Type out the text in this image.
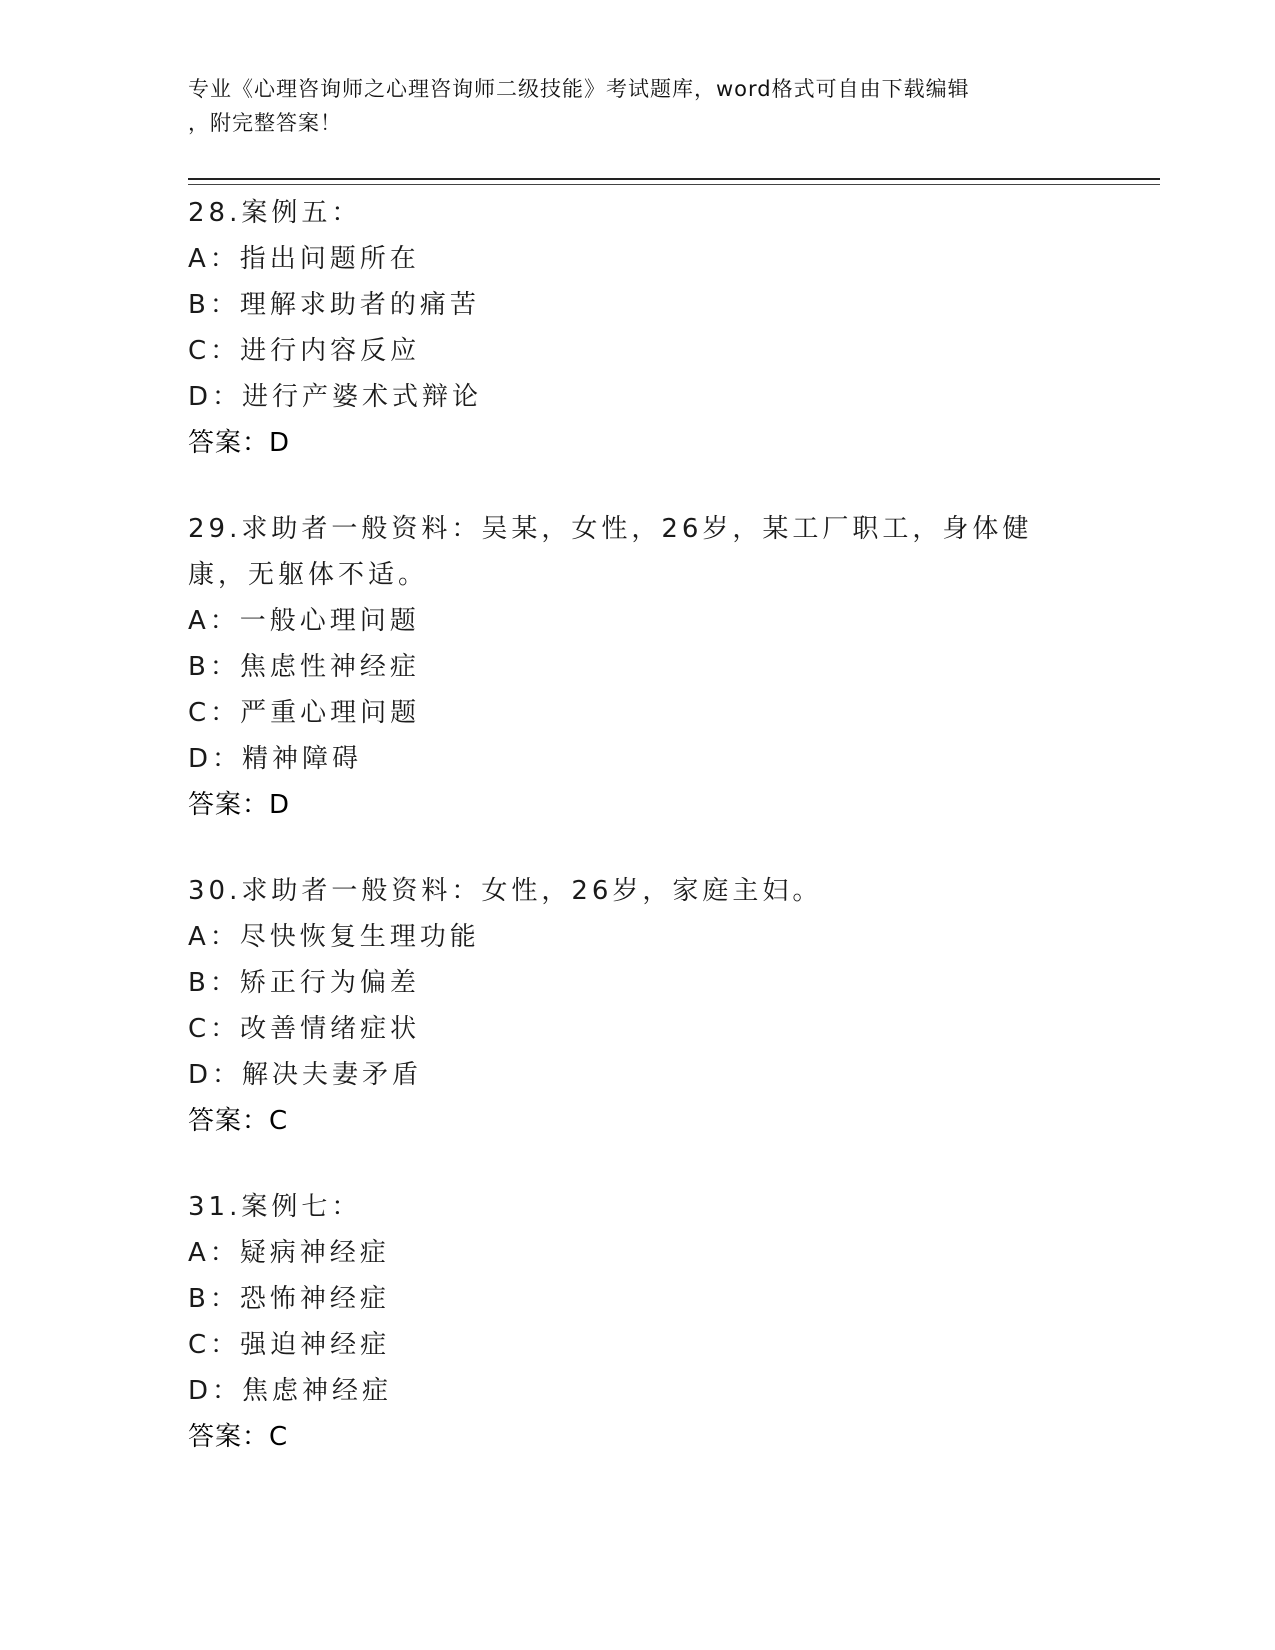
专业《心理咨询师之心理咨询师二级技能》考试题库，word格式可自由下载编辑
，附完整答案！
28.案例五：
A：指出问题所在
B：理解求助者的痛苦
C：进行内容反应
D：进行产婆术式辩论
答案：D
29.求助者一般资料：吴某，女性，26岁，某工厂职工，身体健康，无躯体不适。
A：一般心理问题
B：焦虑性神经症
C：严重心理问题
D：精神障碍
答案：D
30.求助者一般资料：女性，26岁，家庭主妇。
A：尽快恢复生理功能
B：矫正行为偏差
C：改善情绪症状
D：解决夫妻矛盾
答案：C
31.案例七：
A：疑病神经症
B：恐怖神经症
C：强迫神经症
D：焦虑神经症
答案：C
